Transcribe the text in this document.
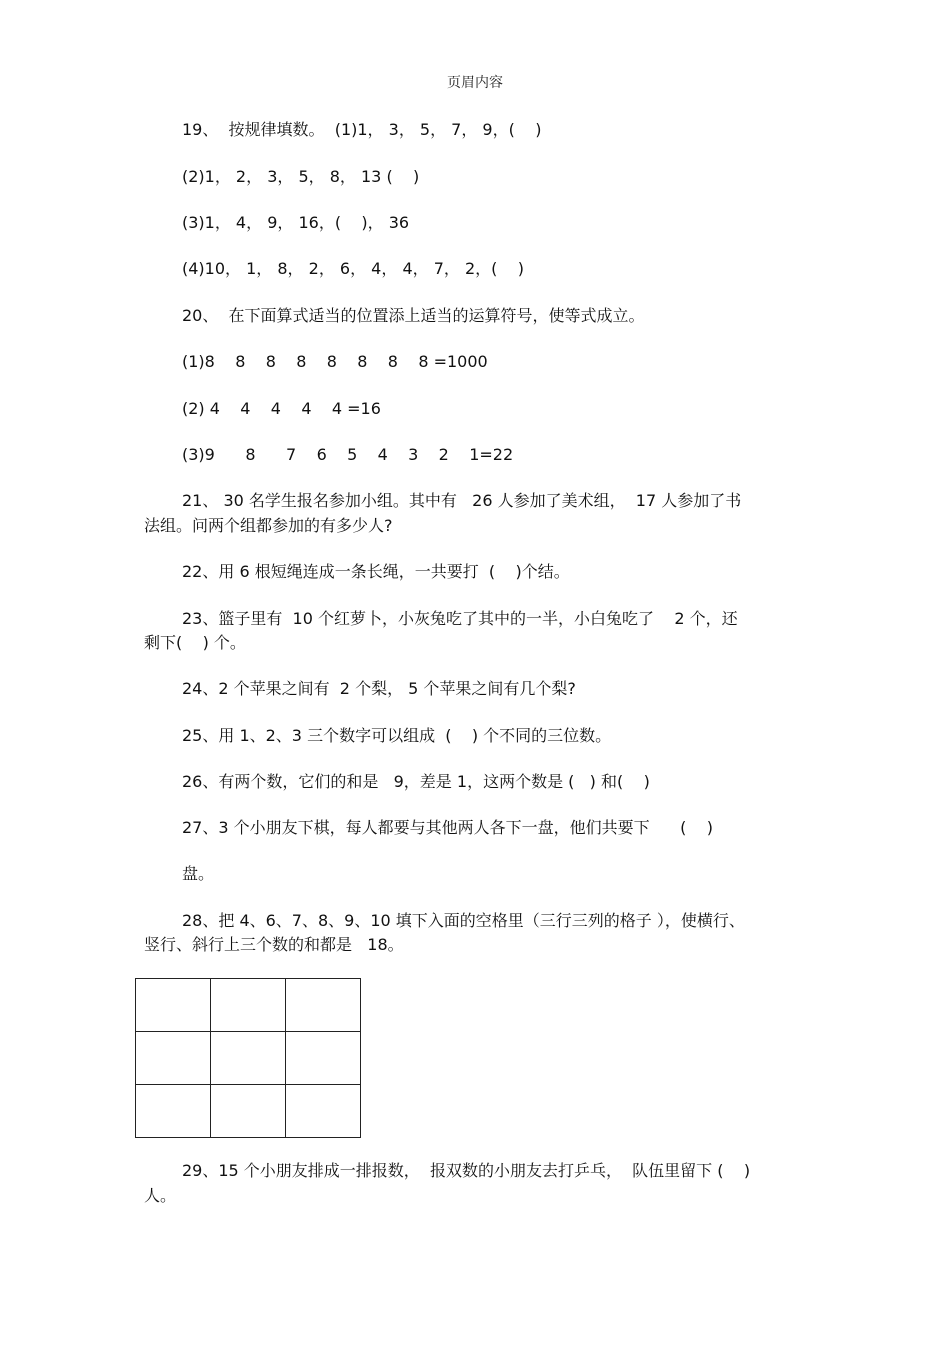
页眉内容
19、  按规律填数。  (1)1， 3， 5， 7， 9，(    )
(2)1， 2， 3， 5， 8， 13 (    )
(3)1， 4， 9， 16，(    )， 36
(4)10， 1， 8， 2， 6， 4， 4， 7， 2，(    )
20、  在下面算式适当的位置添上适当的运算符号，使等式成立。
(1)8    8    8    8    8    8    8    8 =1000
(2) 4    4    4    4    4 =16
(3)9      8      7    6    5    4    3    2    1=22
21、 30 名学生报名参加小组。其中有   26 人参加了美术组，  17 人参加了书
法组。问两个组都参加的有多少人?
22、用 6 根短绳连成一条长绳，一共要打  (    )个结。
23、篮子里有  10 个红萝卜，小灰兔吃了其中的一半，小白兔吃了    2 个，还
剩下(    ) 个。
24、2 个苹果之间有  2 个梨， 5 个苹果之间有几个梨?
25、用 1、2、3 三个数字可以组成  (    ) 个不同的三位数。
26、有两个数，它们的和是   9，差是 1，这两个数是 (   ) 和(    )
27、3 个小朋友下棋，每人都要与其他两人各下一盘，他们共要下      (    )
盘。
28、把 4、6、7、8、9、10 填下入面的空格里（三行三列的格子 ），使横行、
竖行、斜行上三个数的和都是   18。

29、15 个小朋友排成一排报数，  报双数的小朋友去打乒乓，  队伍里留下 (    )
人。
